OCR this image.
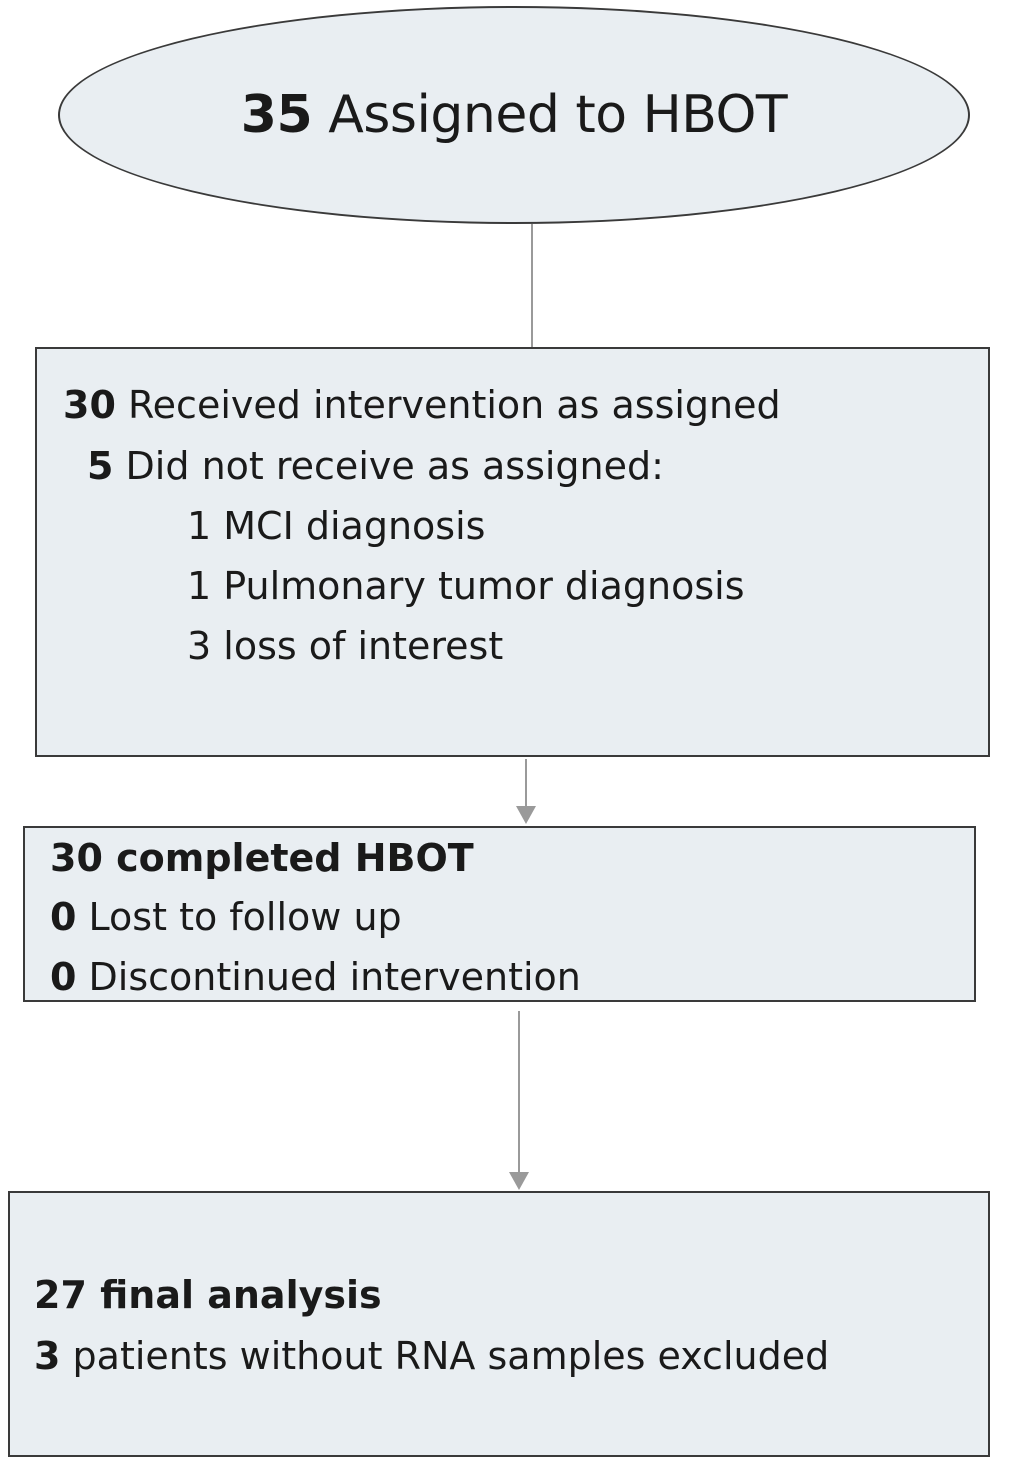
35 Assigned to HBOT
30 Received intervention as assigned
5 Did not receive as assigned:
1 MCI diagnosis
1 Pulmonary tumor diagnosis
3 loss of interest
30 completed HBOT
0 Lost to follow up
0 Discontinued intervention
27 final analysis
3 patients without RNA samples excluded
